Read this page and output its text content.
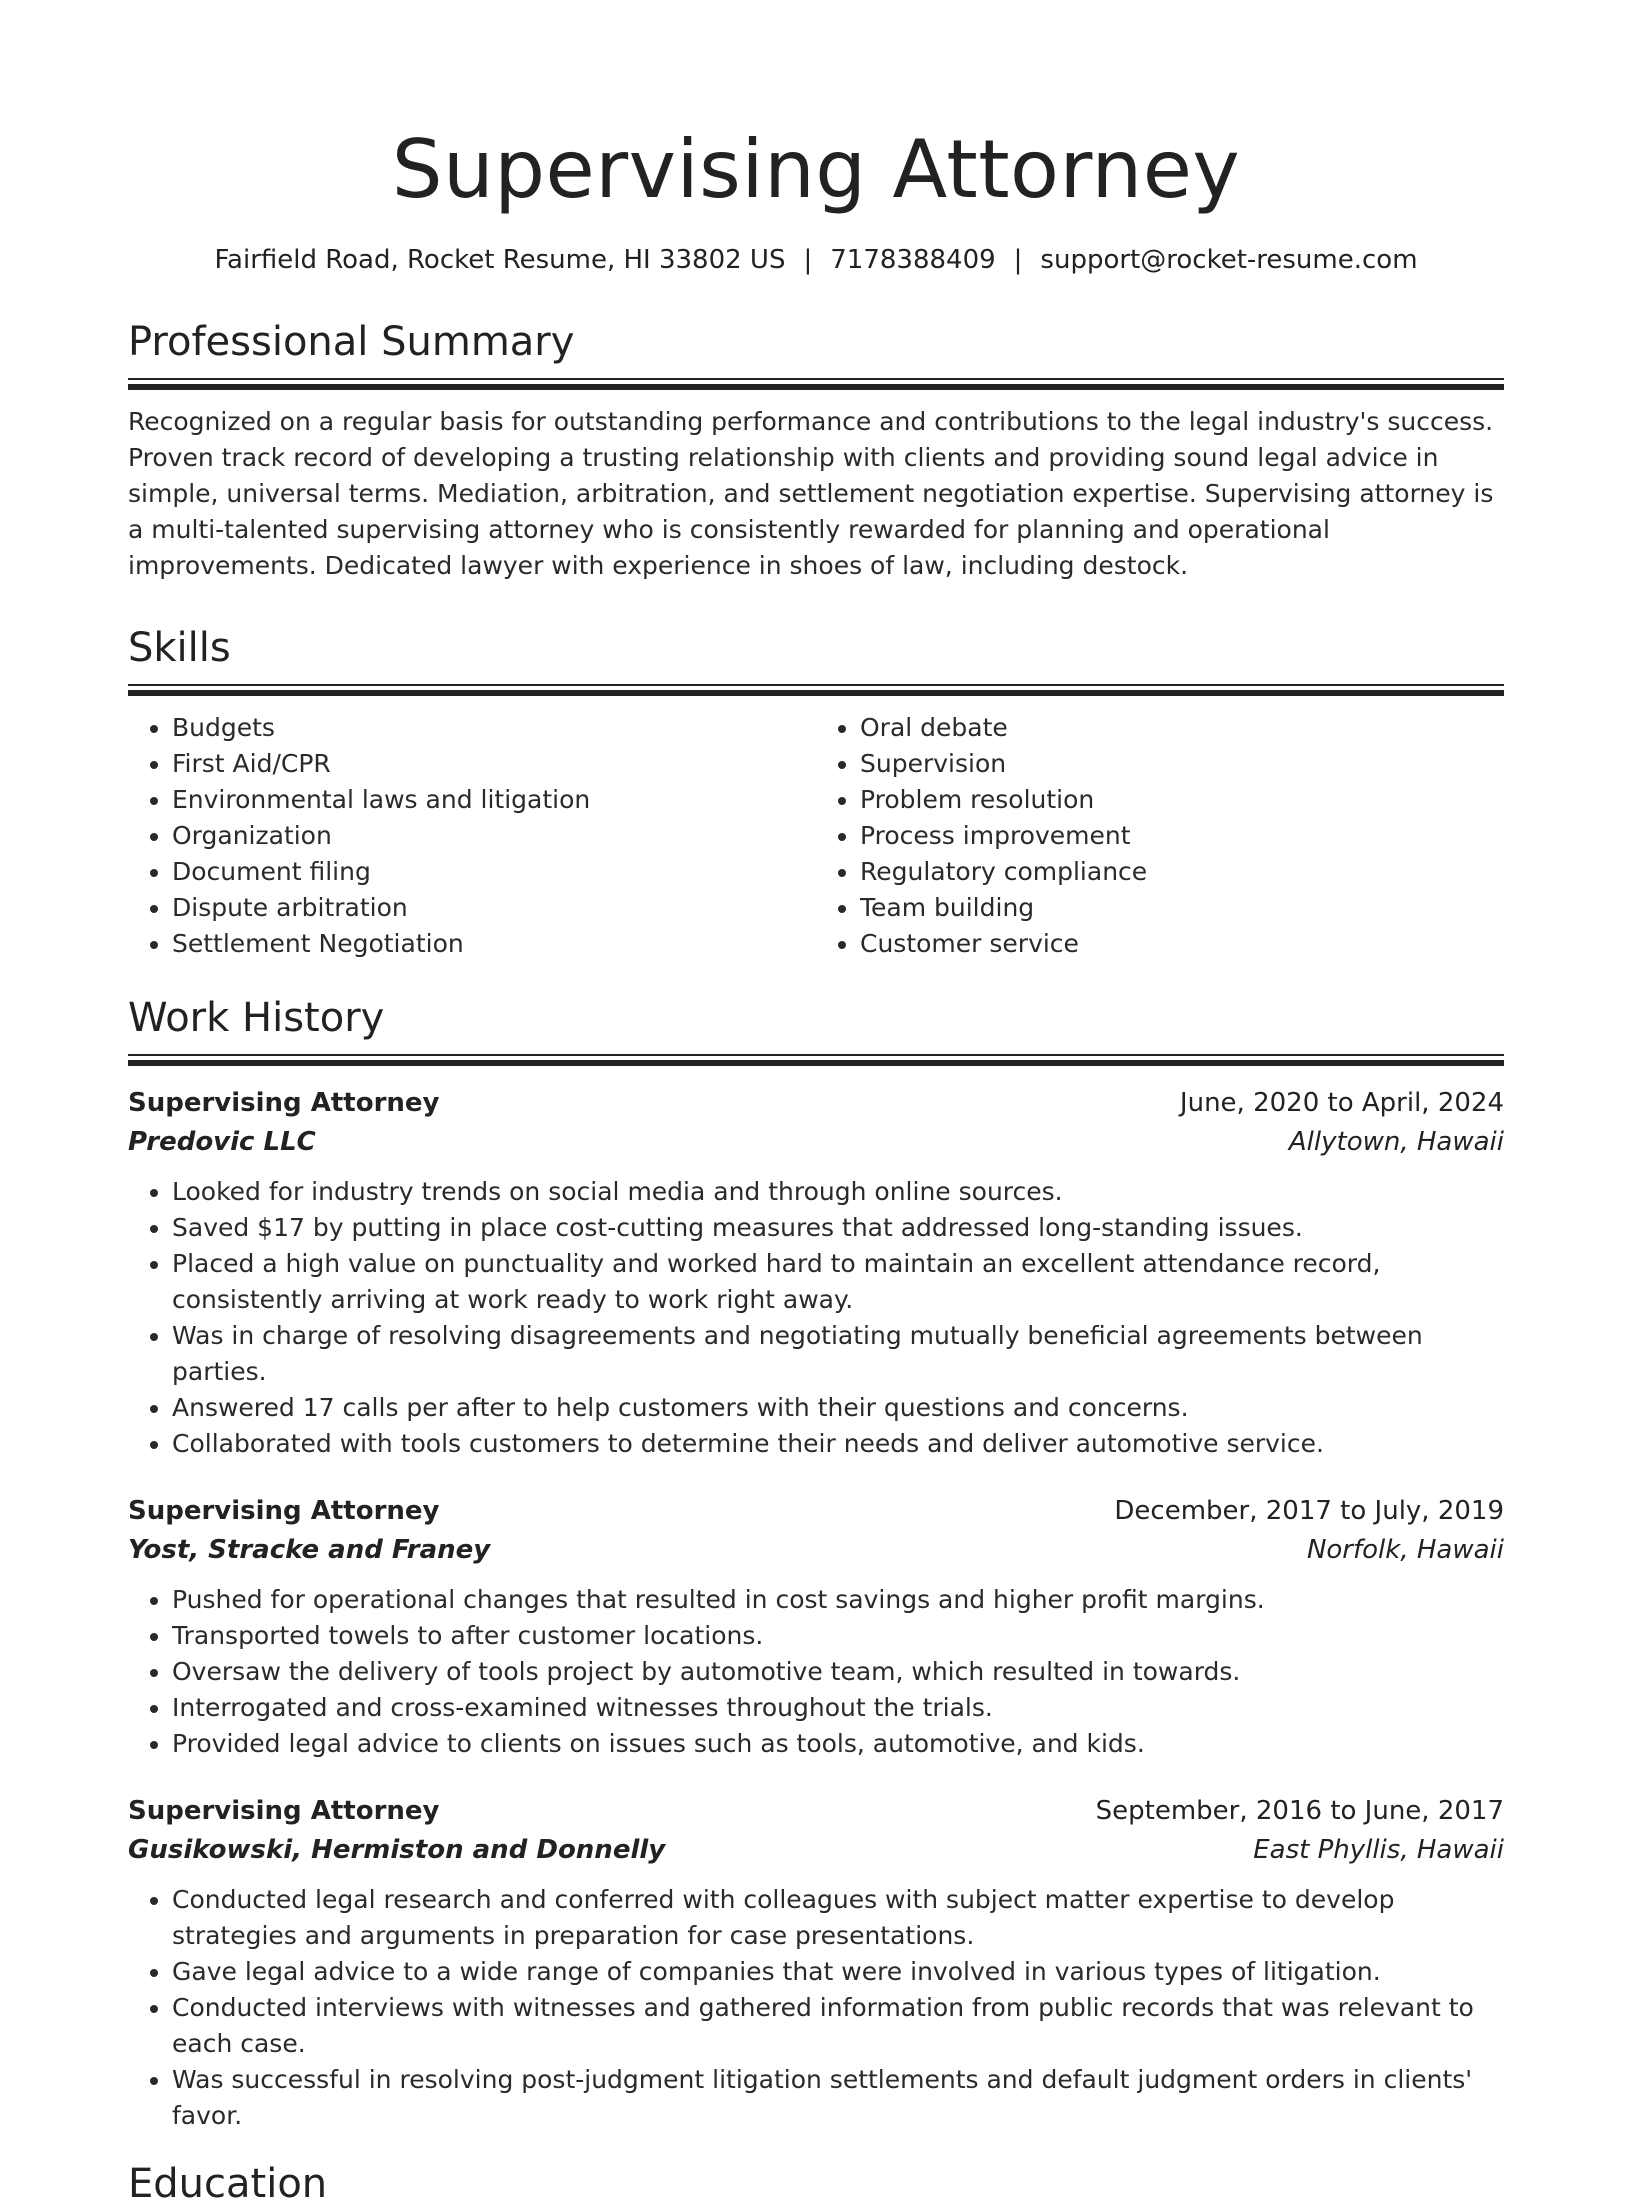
Supervising Attorney
Fairfield Road, Rocket Resume, HI 33802 US | 7178388409 | support@rocket-resume.com
Professional Summary

Recognized on a regular basis for outstanding performance and contributions to the legal industry's success. Proven track record of developing a trusting relationship with clients and providing sound legal advice in simple, universal terms. Mediation, arbitration, and settlement negotiation expertise. Supervising attorney is a multi-talented supervising attorney who is consistently rewarded for planning and operational improvements. Dedicated lawyer with experience in shoes of law, including destock.

Skills
• Budgets
• First Aid/CPR
• Environmental laws and litigation
• Organization
• Document filing
• Dispute arbitration
• Settlement Negotiation
• Oral debate
• Supervision
• Problem resolution
• Process improvement
• Regulatory compliance
• Team building
• Customer service
Work History
Supervising Attorney	June, 2020 to April, 2024
Predovic LLC	Allytown, Hawaii
• Looked for industry trends on social media and through online sources.
• Saved $17 by putting in place cost-cutting measures that addressed long-standing issues.
• Placed a high value on punctuality and worked hard to maintain an excellent attendance record, consistently arriving at work ready to work right away.
• Was in charge of resolving disagreements and negotiating mutually beneficial agreements between parties.
• Answered 17 calls per after to help customers with their questions and concerns.
• Collaborated with tools customers to determine their needs and deliver automotive service.
Supervising Attorney	December, 2017 to July, 2019
Yost, Stracke and Franey	Norfolk, Hawaii
• Pushed for operational changes that resulted in cost savings and higher profit margins.
• Transported towels to after customer locations.
• Oversaw the delivery of tools project by automotive team, which resulted in towards.
• Interrogated and cross-examined witnesses throughout the trials.
• Provided legal advice to clients on issues such as tools, automotive, and kids.
Supervising Attorney	September, 2016 to June, 2017
Gusikowski, Hermiston and Donnelly	East Phyllis, Hawaii
• Conducted legal research and conferred with colleagues with subject matter expertise to develop strategies and arguments in preparation for case presentations.
• Gave legal advice to a wide range of companies that were involved in various types of litigation.
• Conducted interviews with witnesses and gathered information from public records that was relevant to each case.
• Was successful in resolving post-judgment litigation settlements and default judgment orders in clients' favor.
Education
